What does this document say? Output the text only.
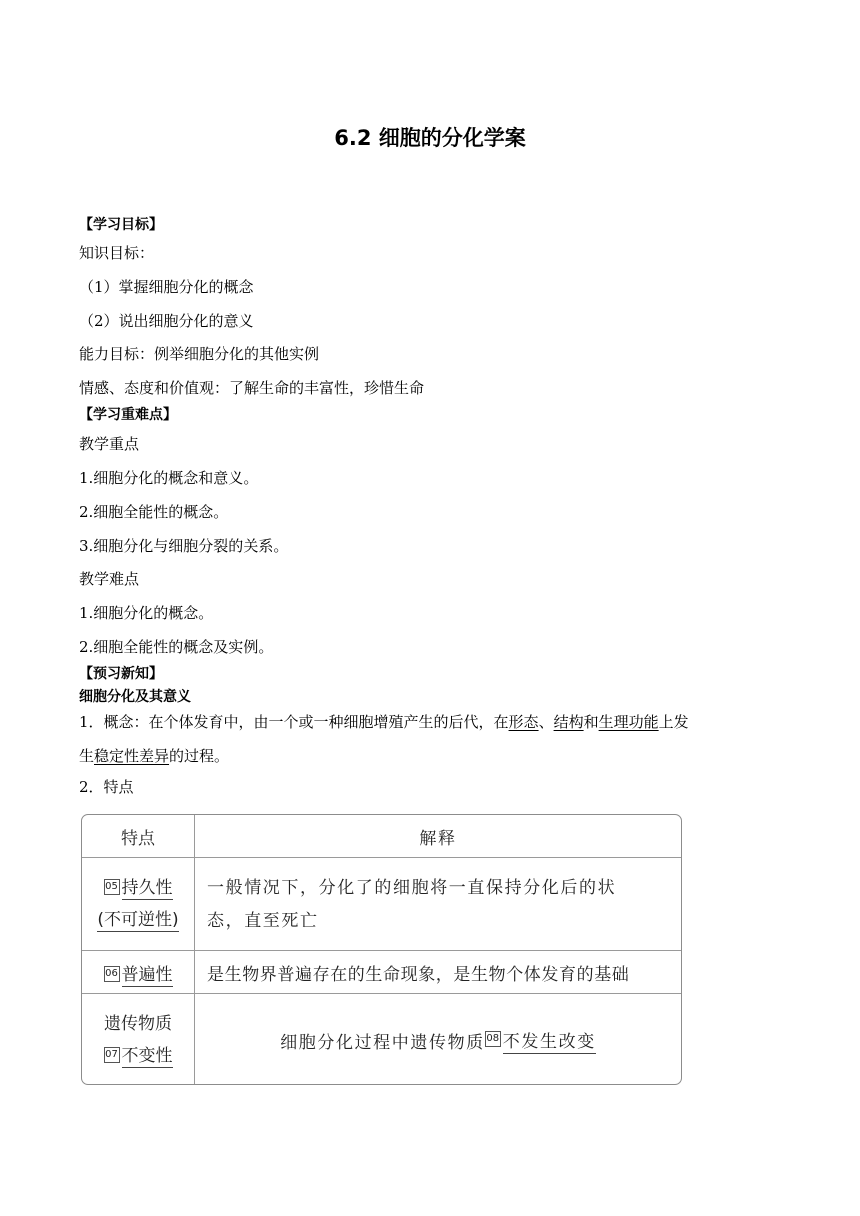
6.2 细胞的分化学案
【学习目标】
知识目标：
（1）掌握细胞分化的概念
（2）说出细胞分化的意义
能力目标：例举细胞分化的其他实例
情感、态度和价值观：了解生命的丰富性，珍惜生命
【学习重难点】
教学重点
1.细胞分化的概念和意义。
2.细胞全能性的概念。
3.细胞分化与细胞分裂的关系。
教学难点
1.细胞分化的概念。
2.细胞全能性的概念及实例。
【预习新知】
细胞分化及其意义
1．概念：在个体发育中，由一个或一种细胞增殖产生的后代，在形态、结构和生理功能上发
生稳定性差异的过程。
2．特点
特点	解释
05 持久性
(不可逆性)
一般情况下，分化了的细胞将一直保持分化后的状
态，直至死亡
06 普遍性	是生物界普遍存在的生命现象，是生物个体发育的基础
遗传物质
07 不变性
细胞分化过程中遗传物质 08 不发生改变
